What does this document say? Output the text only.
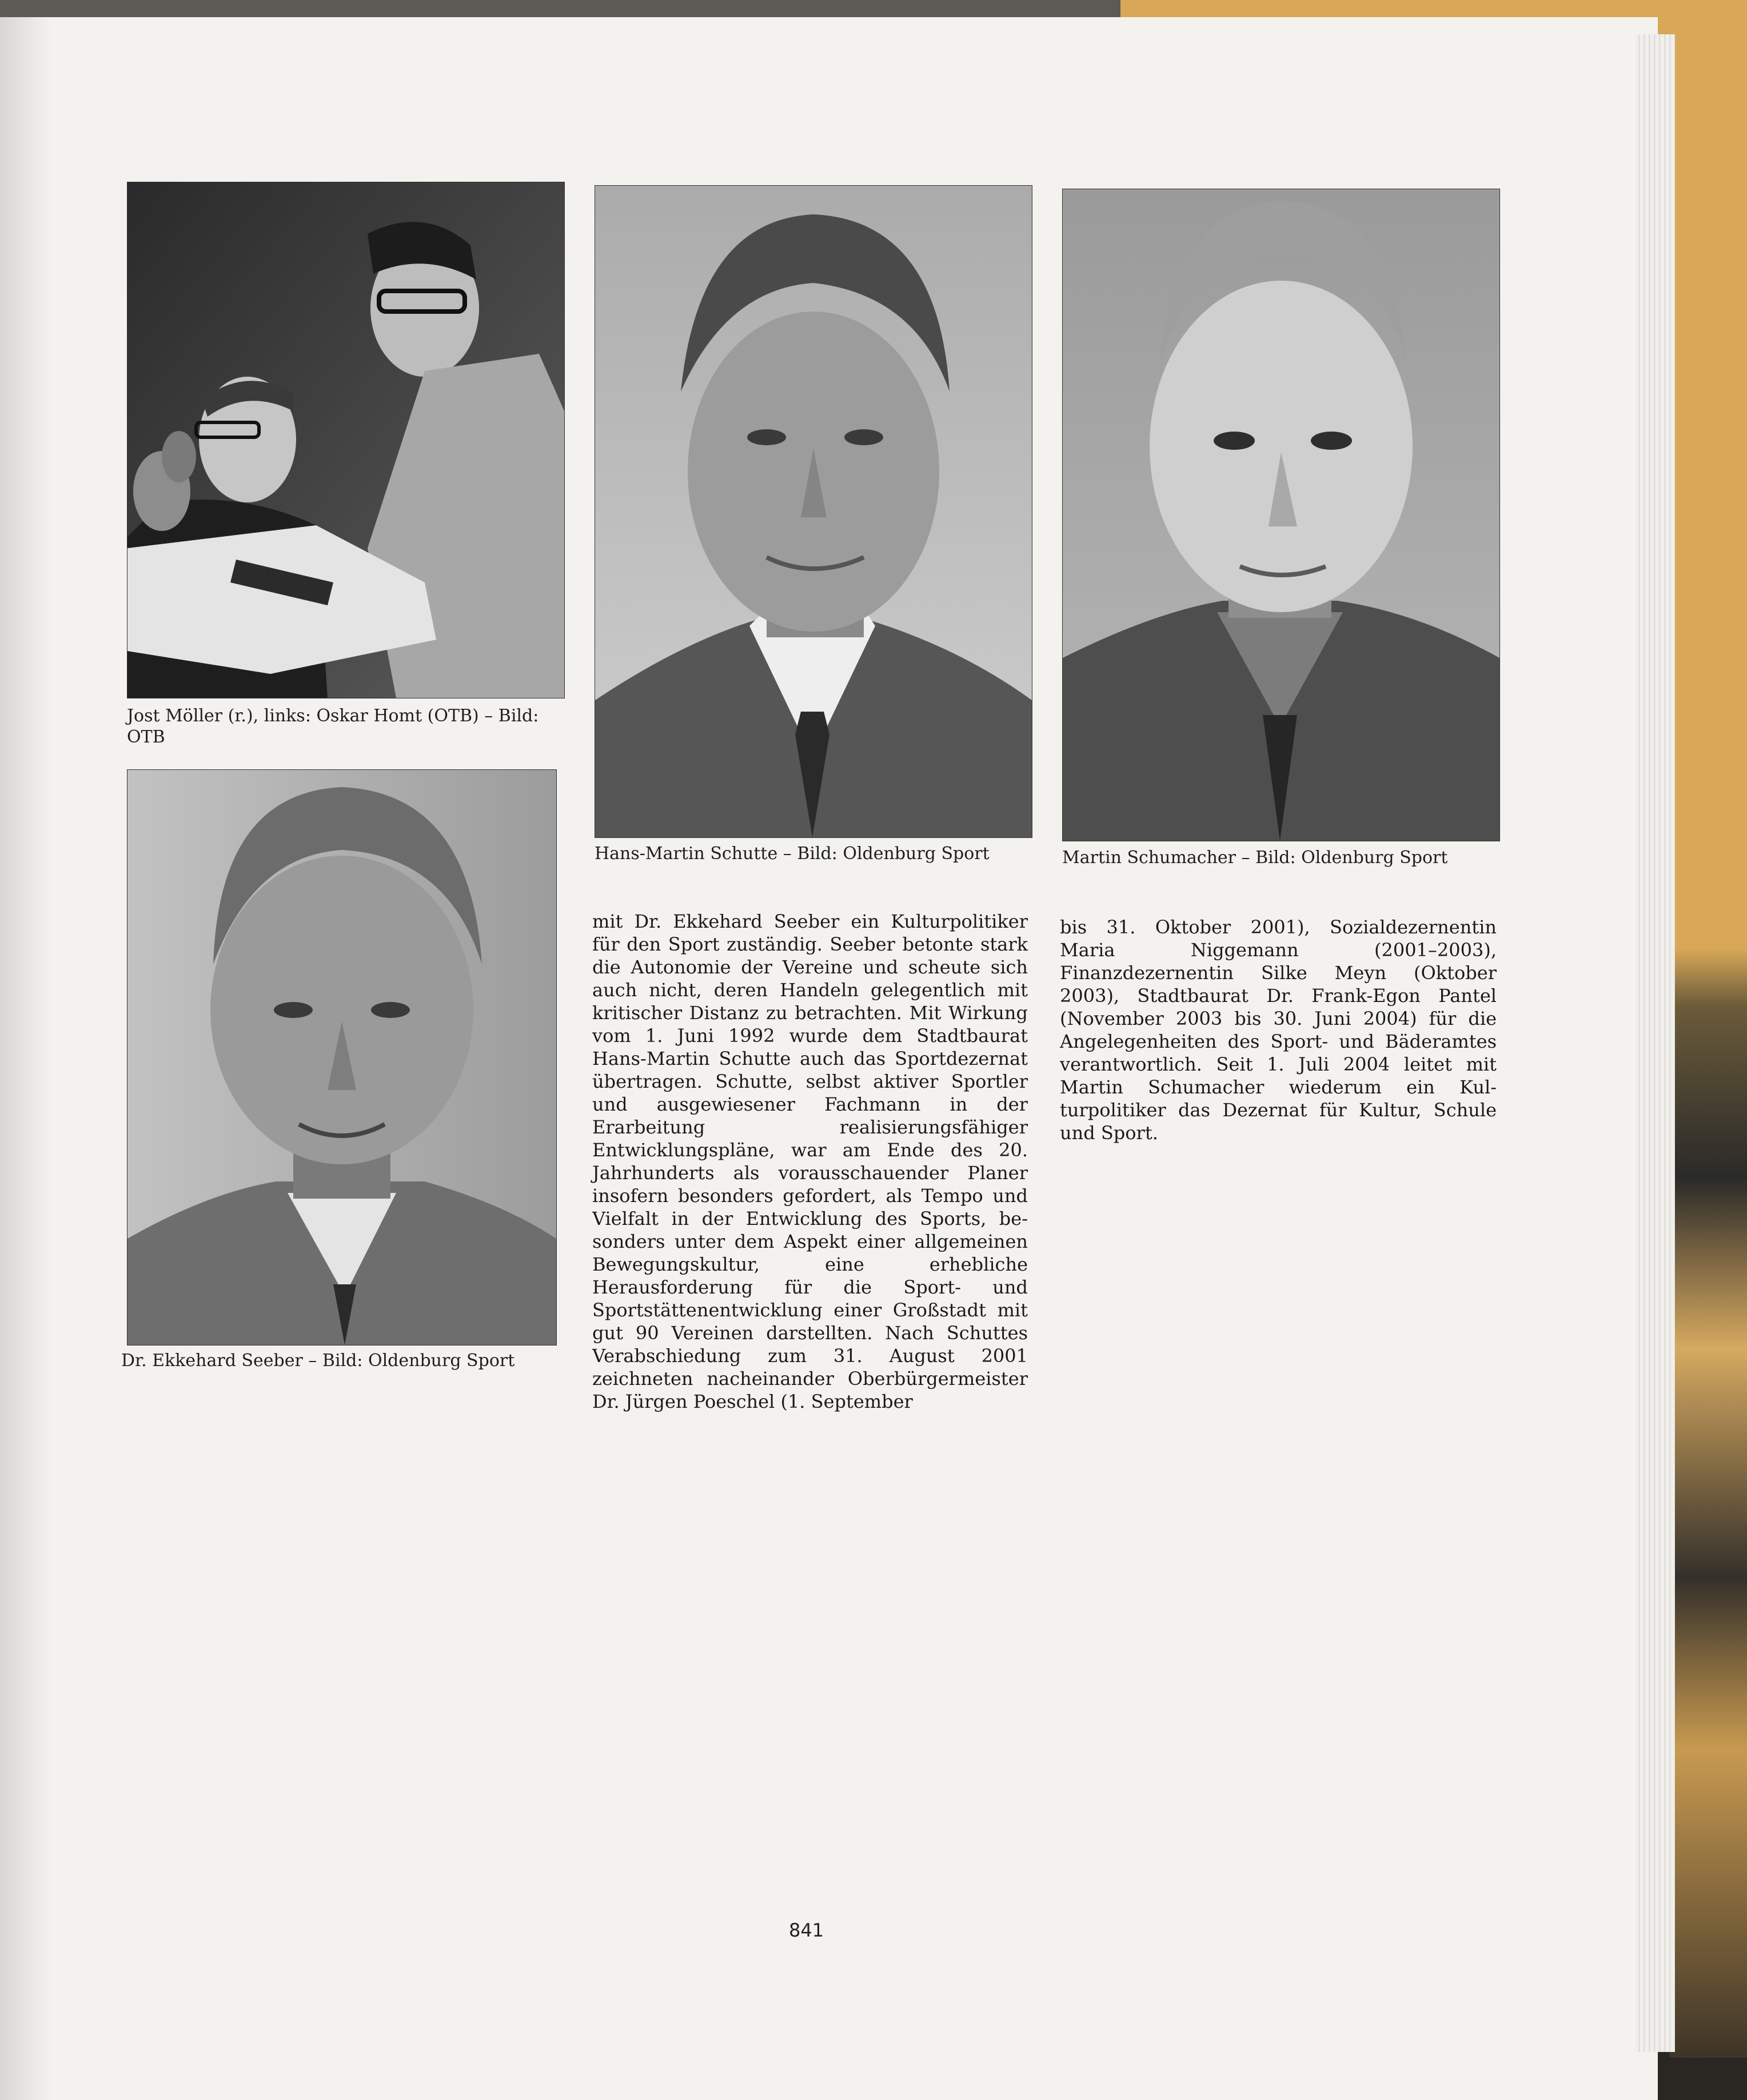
Jost Möller (r.), links: Oskar Homt (OTB) – Bild: OTB

Hans-Martin Schutte – Bild: Oldenburg Sport	Martin Schumacher – Bild: Oldenburg Sport

Dr. Ekkehard Seeber – Bild: Oldenburg Sport

mit Dr. Ekkehard Seeber ein Kulturpolitiker für den Sport zuständig. Seeber betonte stark die Autonomie der Vereine und scheute sich auch nicht, deren Handeln gelegentlich mit kritischer Distanz zu betrachten. Mit Wirkung vom 1. Juni 1992 wurde dem Stadtbaurat Hans-Martin Schutte auch das Sportdezernat übertragen. Schutte, selbst aktiver Sportler und ausgewiesener Fachmann in der Erarbeitung realisierungsfähiger Entwicklungspläne, war am Ende des 20. Jahrhunderts als vorausschauender Planer insofern besonders gefordert, als Tempo und Vielfalt in der Entwicklung des Sports, besonders unter dem Aspekt einer allgemeinen Bewegungskultur, eine erhebliche Herausforderung für die Sport- und Sportstättenentwicklung einer Großstadt mit gut 90 Vereinen darstellten. Nach Schuttes Verabschiedung zum 31. August 2001 zeichneten nacheinander Oberbürgermeister Dr. Jürgen Poeschel (1. September

bis 31. Oktober 2001), Sozialdezernentin Maria Niggemann (2001–2003), Finanzdezernentin Silke Meyn (Oktober 2003), Stadtbaurat Dr. Frank-Egon Pantel (November 2003 bis 30. Juni 2004) für die Angelegenheiten des Sport- und Bäderamtes verantwortlich. Seit 1. Juli 2004 leitet mit Martin Schumacher wiederum ein Kulturpolitiker das Dezernat für Kultur, Schule und Sport.

841
